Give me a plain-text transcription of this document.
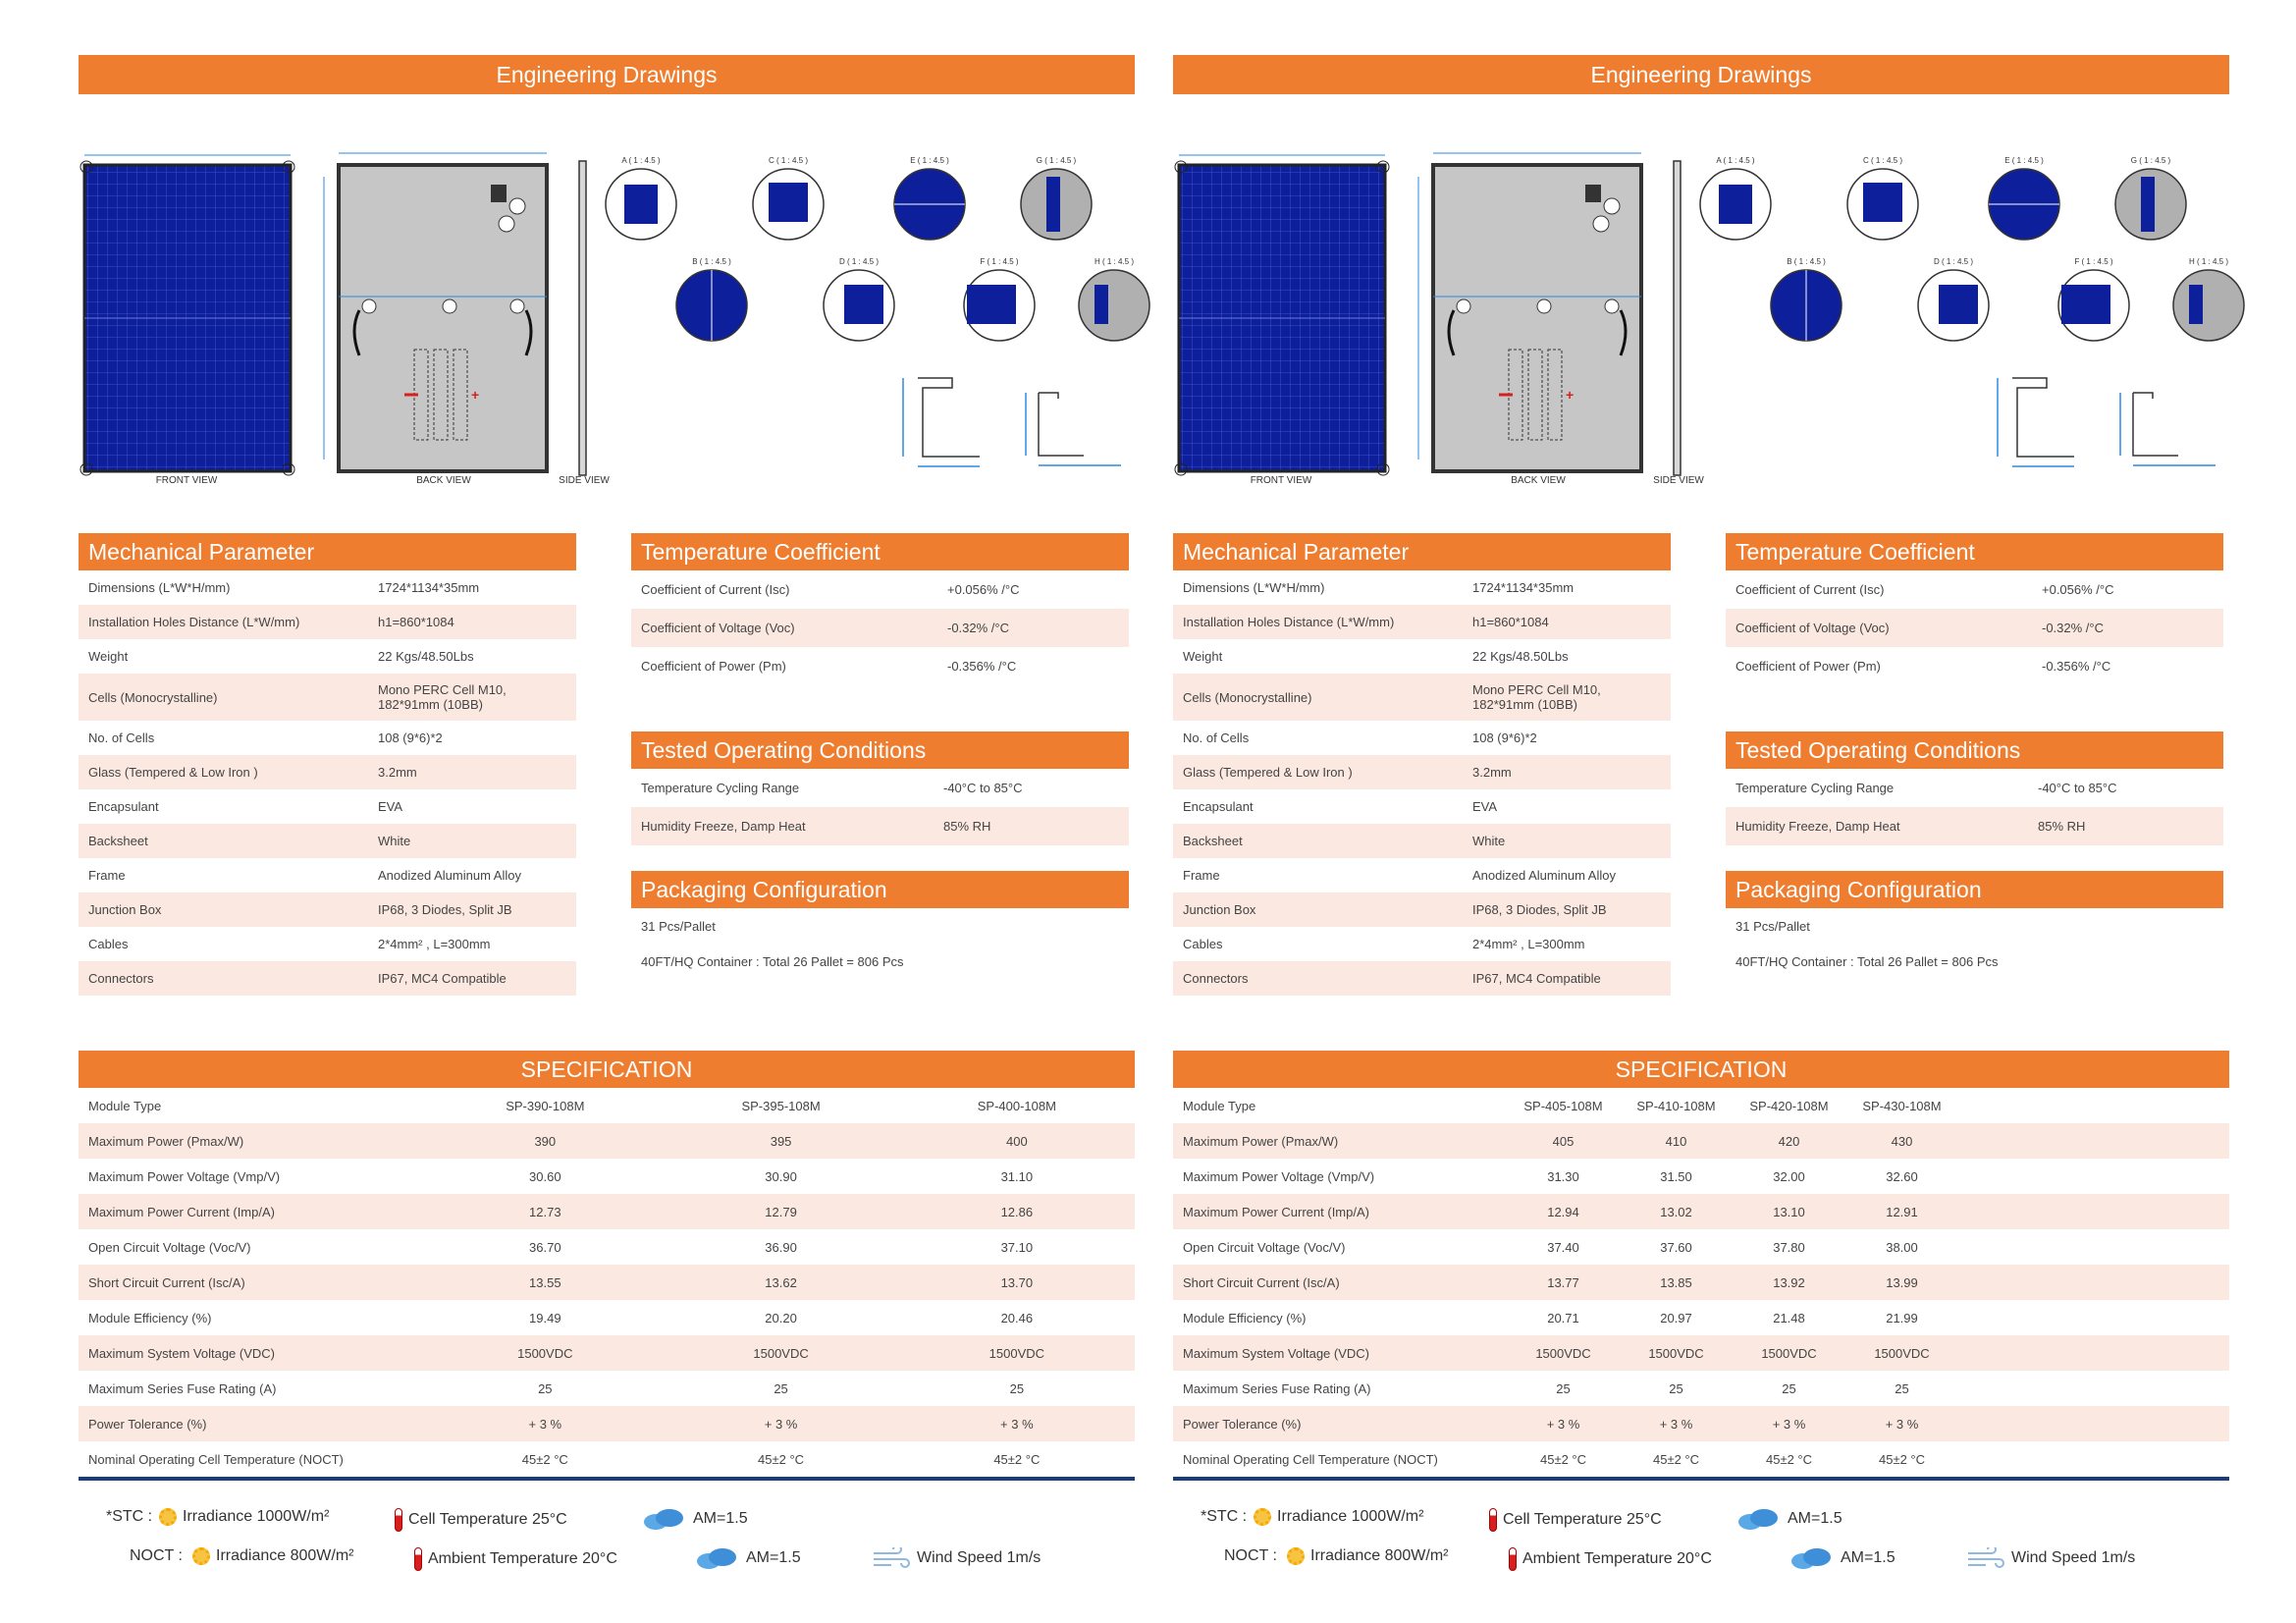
Engineering Drawings
FRONT VIEW
+
BACK VIEW	SIDE VIEW
A ( 1 : 4.5 )	C ( 1 : 4.5 )	E ( 1 : 4.5 )	G ( 1 : 4.5 )
B ( 1 : 4.5 )	D ( 1 : 4.5 )	F ( 1 : 4.5 )	H ( 1 : 4.5 )
Mechanical Parameter
Dimensions (L*W*H/mm)	1724*1134*35mm
Installation Holes Distance (L*W/mm)	h1=860*1084
Weight	22 Kgs/48.50Lbs
Cells (Monocrystalline)	Mono PERC Cell M10,
182*91mm (10BB)

No. of Cells	108 (9*6)*2
Glass (Tempered & Low Iron )	3.2mm
Encapsulant	EVA
Backsheet	White
Frame	Anodized Aluminum Alloy
Junction Box	IP68, 3 Diodes, Split JB
Cables	2*4mm² , L=300mm
Connectors	IP67, MC4 Compatible
Temperature Coefficient
Coefficient of Current (Isc)	+0.056% /°C
Coefficient of Voltage (Voc)	-0.32% /°C
Coefficient of Power (Pm)	-0.356% /°C
Tested Operating Conditions
Temperature Cycling Range	-40°C to 85°C
Humidity Freeze, Damp Heat	85% RH
Packaging Configuration
31 Pcs/Pallet
40FT/HQ Container : Total 26 Pallet = 806 Pcs
SPECIFICATION
Module Type	SP-390-108M	SP-395-108M	SP-400-108M
Maximum Power (Pmax/W)	390	395	400
Maximum Power Voltage (Vmp/V)	30.60	30.90	31.10
Maximum Power Current (Imp/A)	12.73	12.79	12.86
Open Circuit Voltage (Voc/V)	36.70	36.90	37.10
Short Circuit Current (Isc/A)	13.55	13.62	13.70
Module Efficiency (%)	19.49	20.20	20.46
Maximum System Voltage (VDC)	1500VDC	1500VDC	1500VDC
Maximum Series Fuse Rating (A)	25	25	25
Power Tolerance (%)	+ 3 %	+ 3 %	+ 3 %
Nominal Operating Cell Temperature (NOCT)	45±2 °C	45±2 °C	45±2 °C
*STC :	Irradiance 1000W/m²	Cell Temperature 25°C	AM=1.5
NOCT :	Irradiance 800W/m²	Ambient Temperature 20°C	AM=1.5	Wind Speed 1m/s
Engineering Drawings
FRONT VIEW
+
BACK VIEW	SIDE VIEW
A ( 1 : 4.5 )	C ( 1 : 4.5 )	E ( 1 : 4.5 )	G ( 1 : 4.5 )
B ( 1 : 4.5 )	D ( 1 : 4.5 )	F ( 1 : 4.5 )	H ( 1 : 4.5 )
Mechanical Parameter
Dimensions (L*W*H/mm)	1724*1134*35mm
Installation Holes Distance (L*W/mm)	h1=860*1084
Weight	22 Kgs/48.50Lbs
Cells (Monocrystalline)	Mono PERC Cell M10,
182*91mm (10BB)

No. of Cells	108 (9*6)*2
Glass (Tempered & Low Iron )	3.2mm
Encapsulant	EVA
Backsheet	White
Frame	Anodized Aluminum Alloy
Junction Box	IP68, 3 Diodes, Split JB
Cables	2*4mm² , L=300mm
Connectors	IP67, MC4 Compatible
Temperature Coefficient
Coefficient of Current (Isc)	+0.056% /°C
Coefficient of Voltage (Voc)	-0.32% /°C
Coefficient of Power (Pm)	-0.356% /°C
Tested Operating Conditions
Temperature Cycling Range	-40°C to 85°C
Humidity Freeze, Damp Heat	85% RH
Packaging Configuration
31 Pcs/Pallet
40FT/HQ Container : Total 26 Pallet = 806 Pcs
SPECIFICATION
Module Type	SP-405-108M	SP-410-108M	SP-420-108M	SP-430-108M	
Maximum Power (Pmax/W)	405	410	420	430	
Maximum Power Voltage (Vmp/V)	31.30	31.50	32.00	32.60	
Maximum Power Current (Imp/A)	12.94	13.02	13.10	12.91	
Open Circuit Voltage (Voc/V)	37.40	37.60	37.80	38.00	
Short Circuit Current (Isc/A)	13.77	13.85	13.92	13.99	
Module Efficiency (%)	20.71	20.97	21.48	21.99	
Maximum System Voltage (VDC)	1500VDC	1500VDC	1500VDC	1500VDC	
Maximum Series Fuse Rating (A)	25	25	25	25	
Power Tolerance (%)	+ 3 %	+ 3 %	+ 3 %	+ 3 %	
Nominal Operating Cell Temperature (NOCT)	45±2 °C	45±2 °C	45±2 °C	45±2 °C	
*STC :	Irradiance 1000W/m²	Cell Temperature 25°C	AM=1.5
NOCT :	Irradiance 800W/m²	Ambient Temperature 20°C	AM=1.5	Wind Speed 1m/s
